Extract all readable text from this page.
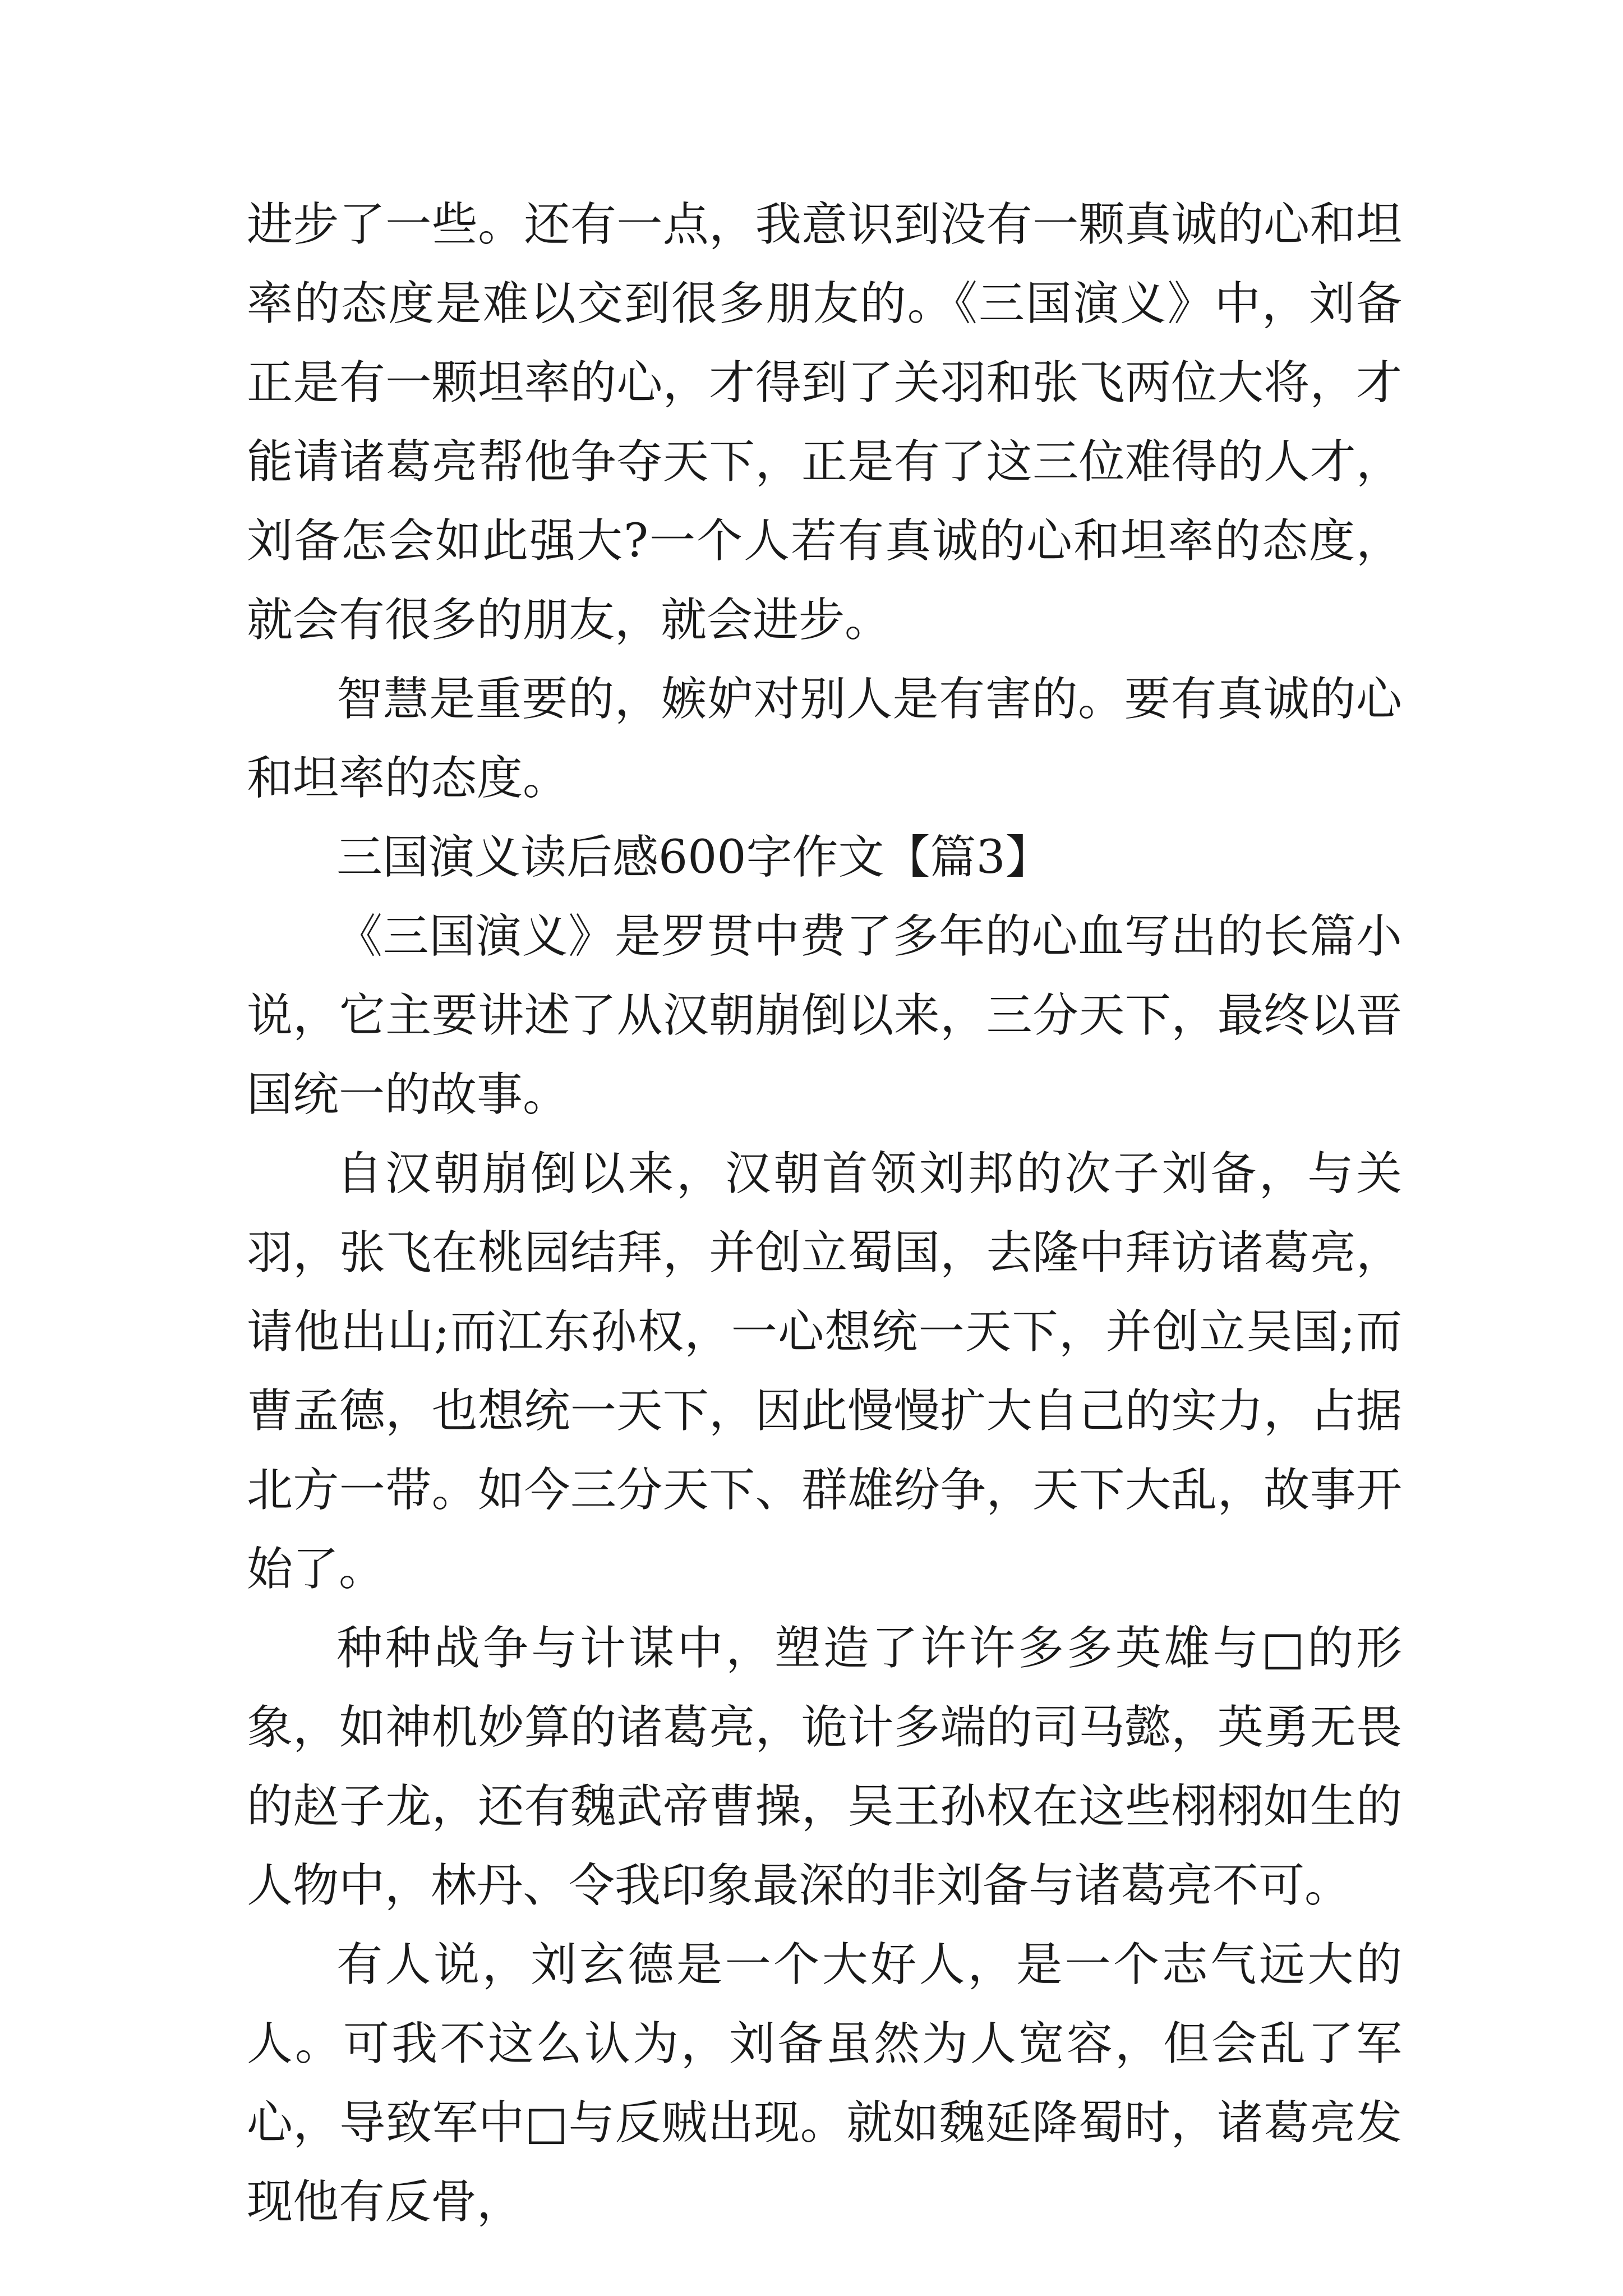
进步了一些。还有一点，我意识到没有一颗真诚的心和坦率的态度是难以交到很多朋友的。《三国演义》中，刘备正是有一颗坦率的心，才得到了关羽和张飞两位大将，才能请诸葛亮帮他争夺天下，正是有了这三位难得的人才，刘备怎会如此强大?一个人若有真诚的心和坦率的态度，就会有很多的朋友，就会进步。

智慧是重要的，嫉妒对别人是有害的。要有真诚的心和坦率的态度。

三国演义读后感600字作文【篇3】

《三国演义》是罗贯中费了多年的心血写出的长篇小说，它主要讲述了从汉朝崩倒以来，三分天下，最终以晋国统一的故事。

自汉朝崩倒以来，汉朝首领刘邦的次子刘备，与关羽，张飞在桃园结拜，并创立蜀国，去隆中拜访诸葛亮，请他出山;而江东孙权，一心想统一天下，并创立吴国;而曹孟德，也想统一天下，因此慢慢扩大自己的实力，占据北方一带。如今三分天下、群雄纷争，天下大乱，故事开始了。

种种战争与计谋中，塑造了许许多多英雄与□的形象，如神机妙算的诸葛亮，诡计多端的司马懿，英勇无畏的赵子龙，还有魏武帝曹操，吴王孙权在这些栩栩如生的人物中，林丹、令我印象最深的非刘备与诸葛亮不可。

有人说，刘玄德是一个大好人，是一个志气远大的人。可我不这么认为，刘备虽然为人宽容，但会乱了军心，导致军中□与反贼出现。就如魏延降蜀时，诸葛亮发现他有反骨，
